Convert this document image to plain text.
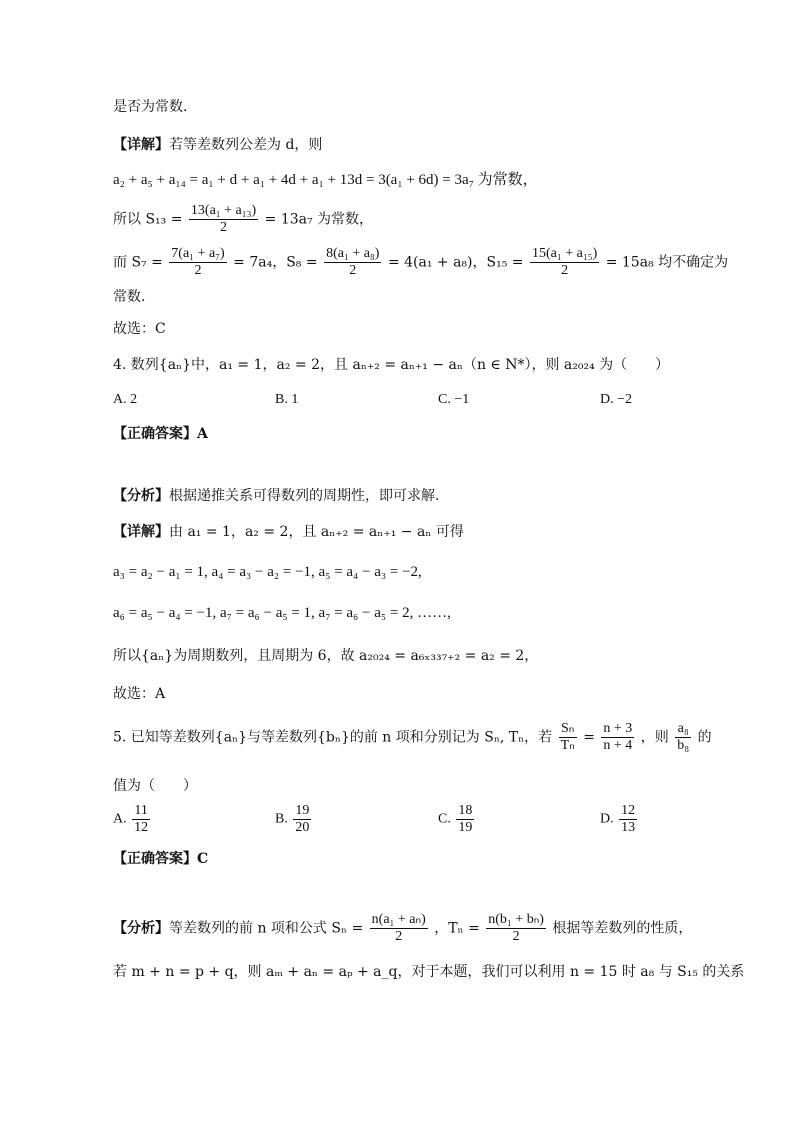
是否为常数.
【详解】若等差数列公差为 d，则
a₂ + a₅ + a₁₄ = a₁ + d + a₁ + 4d + a₁ + 13d = 3(a₁ + 6d) = 3a₇ 为常数，
所以 $S_{13} = \frac{\text{13(a₁ + a₁₃)}}{2} = 13a_7$ 为常数，
而 $S_7 = \frac{\text{7(a₁ + a₇)}}{2} = 7a_4$，$S_8 = \frac{\text{8(a₁ + a₈)}}{2} = 4(a_1 + a_8)$，$S_{15} = \frac{\text{15(a₁ + a₁₅)}}{2} = 15a_8$ 均不确定为
常数.
故选：C
4. 数列{aₙ}中，a₁ = 1，a₂ = 2，且 aₙ₊₂ = aₙ₊₁ − aₙ（n ∈ N*），则 a₂₀₂₄ 为（　　）
A. 2	B. 1	C. −1	D. −2
【正确答案】A
【分析】根据递推关系可得数列的周期性，即可求解.
【详解】由 a₁ = 1，a₂ = 2，且 aₙ₊₂ = aₙ₊₁ − aₙ 可得
a₃ = a₂ − a₁ = 1, a₄ = a₃ − a₂ = −1, a₅ = a₄ − a₃ = −2,
a₆ = a₅ − a₄ = −1, a₇ = a₆ − a₅ = 1, a₇ = a₆ − a₅ = 2, ……,
所以{aₙ}为周期数列，且周期为 6，故 a₂₀₂₄ = a₆ₓ₃₃₇₊₂ = a₂ = 2，
故选：A
5. 已知等差数列{aₙ}与等差数列{bₙ}的前 n 项和分别记为 Sₙ, Tₙ，若 $\frac{\text{Sₙ}}{\text{Tₙ}} = \frac{n + 3}{n + 4}$ ，则 $\frac{\text{a₈}}{\text{b₈}}$ 的
值为（　　）
A. $\frac{11}{12}$	B. $\frac{19}{20}$	C. $\frac{18}{19}$	D. $\frac{12}{13}$
【正确答案】C
【分析】等差数列的前 n 项和公式 $S_n = \frac{\text{n(a₁ + aₙ)}}{2}$ ，$T_n = \frac{\text{n(b₁ + bₙ)}}{2}$ 根据等差数列的性质，
若 m + n = p + q，则 aₘ + aₙ = aₚ + a_q，对于本题，我们可以利用 n = 15 时 a₈ 与 S₁₅ 的关系
